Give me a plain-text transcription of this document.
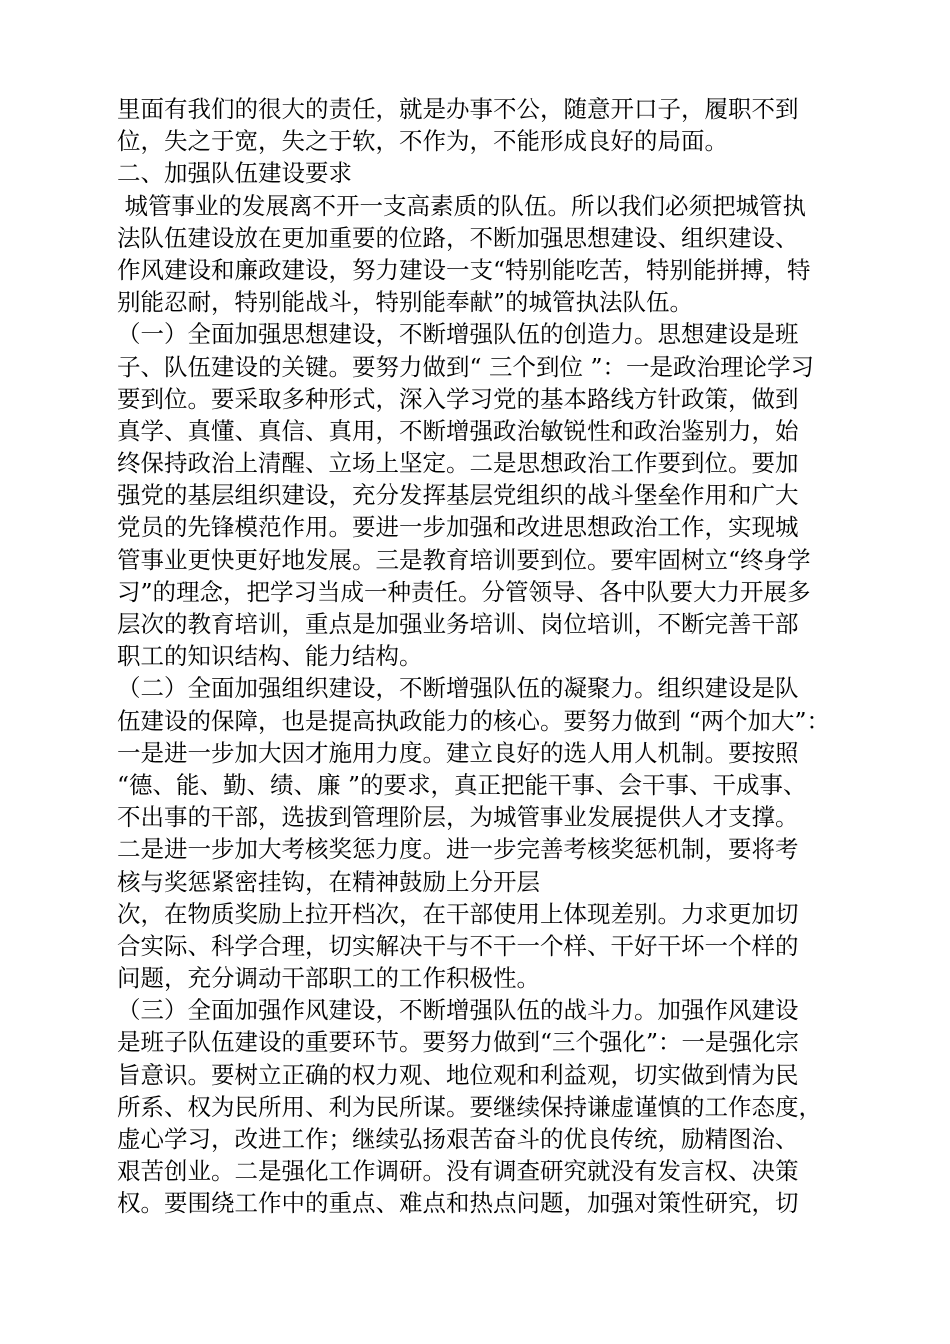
里面有我们的很大的责任，就是办事不公，随意开口子，履职不到
位，失之于宽，失之于软，不作为，不能形成良好的局面。
二、加强队伍建设要求
城管事业的发展离不开一支高素质的队伍。所以我们必须把城管执
法队伍建设放在更加重要的位路，不断加强思想建设、组织建设、
作风建设和廉政建设，努力建设一支“特别能吃苦，特别能拼搏，特
别能忍耐，特别能战斗，特别能奉献”的城管执法队伍。
（一）全面加强思想建设，不断增强队伍的创造力。思想建设是班
子、队伍建设的关键。要努力做到“ 三个到位 ”：一是政治理论学习
要到位。要采取多种形式，深入学习党的基本路线方针政策，做到
真学、真懂、真信、真用，不断增强政治敏锐性和政治鉴别力，始
终保持政治上清醒、立场上坚定。二是思想政治工作要到位。要加
强党的基层组织建设，充分发挥基层党组织的战斗堡垒作用和广大
党员的先锋模范作用。要进一步加强和改进思想政治工作，实现城
管事业更快更好地发展。三是教育培训要到位。要牢固树立“终身学
习”的理念，把学习当成一种责任。分管领导、各中队要大力开展多
层次的教育培训，重点是加强业务培训、岗位培训，不断完善干部
职工的知识结构、能力结构。
（二）全面加强组织建设，不断增强队伍的凝聚力。组织建设是队
伍建设的保障，也是提高执政能力的核心。要努力做到 “两个加大”：
一是进一步加大因才施用力度。建立良好的选人用人机制。要按照
“德、能、勤、绩、廉 ”的要求，真正把能干事、会干事、干成事、
不出事的干部，选拔到管理阶层，为城管事业发展提供人才支撑。
二是进一步加大考核奖惩力度。进一步完善考核奖惩机制，要将考
核与奖惩紧密挂钩，在精神鼓励上分开层
次，在物质奖励上拉开档次，在干部使用上体现差别。力求更加切
合实际、科学合理，切实解决干与不干一个样、干好干坏一个样的
问题，充分调动干部职工的工作积极性。
（三）全面加强作风建设，不断增强队伍的战斗力。加强作风建设
是班子队伍建设的重要环节。要努力做到“三个强化”：一是强化宗
旨意识。要树立正确的权力观、地位观和利益观，切实做到情为民
所系、权为民所用、利为民所谋。要继续保持谦虚谨慎的工作态度，
虚心学习，改进工作；继续弘扬艰苦奋斗的优良传统，励精图治、
艰苦创业。二是强化工作调研。没有调查研究就没有发言权、决策
权。要围绕工作中的重点、难点和热点问题，加强对策性研究，切
